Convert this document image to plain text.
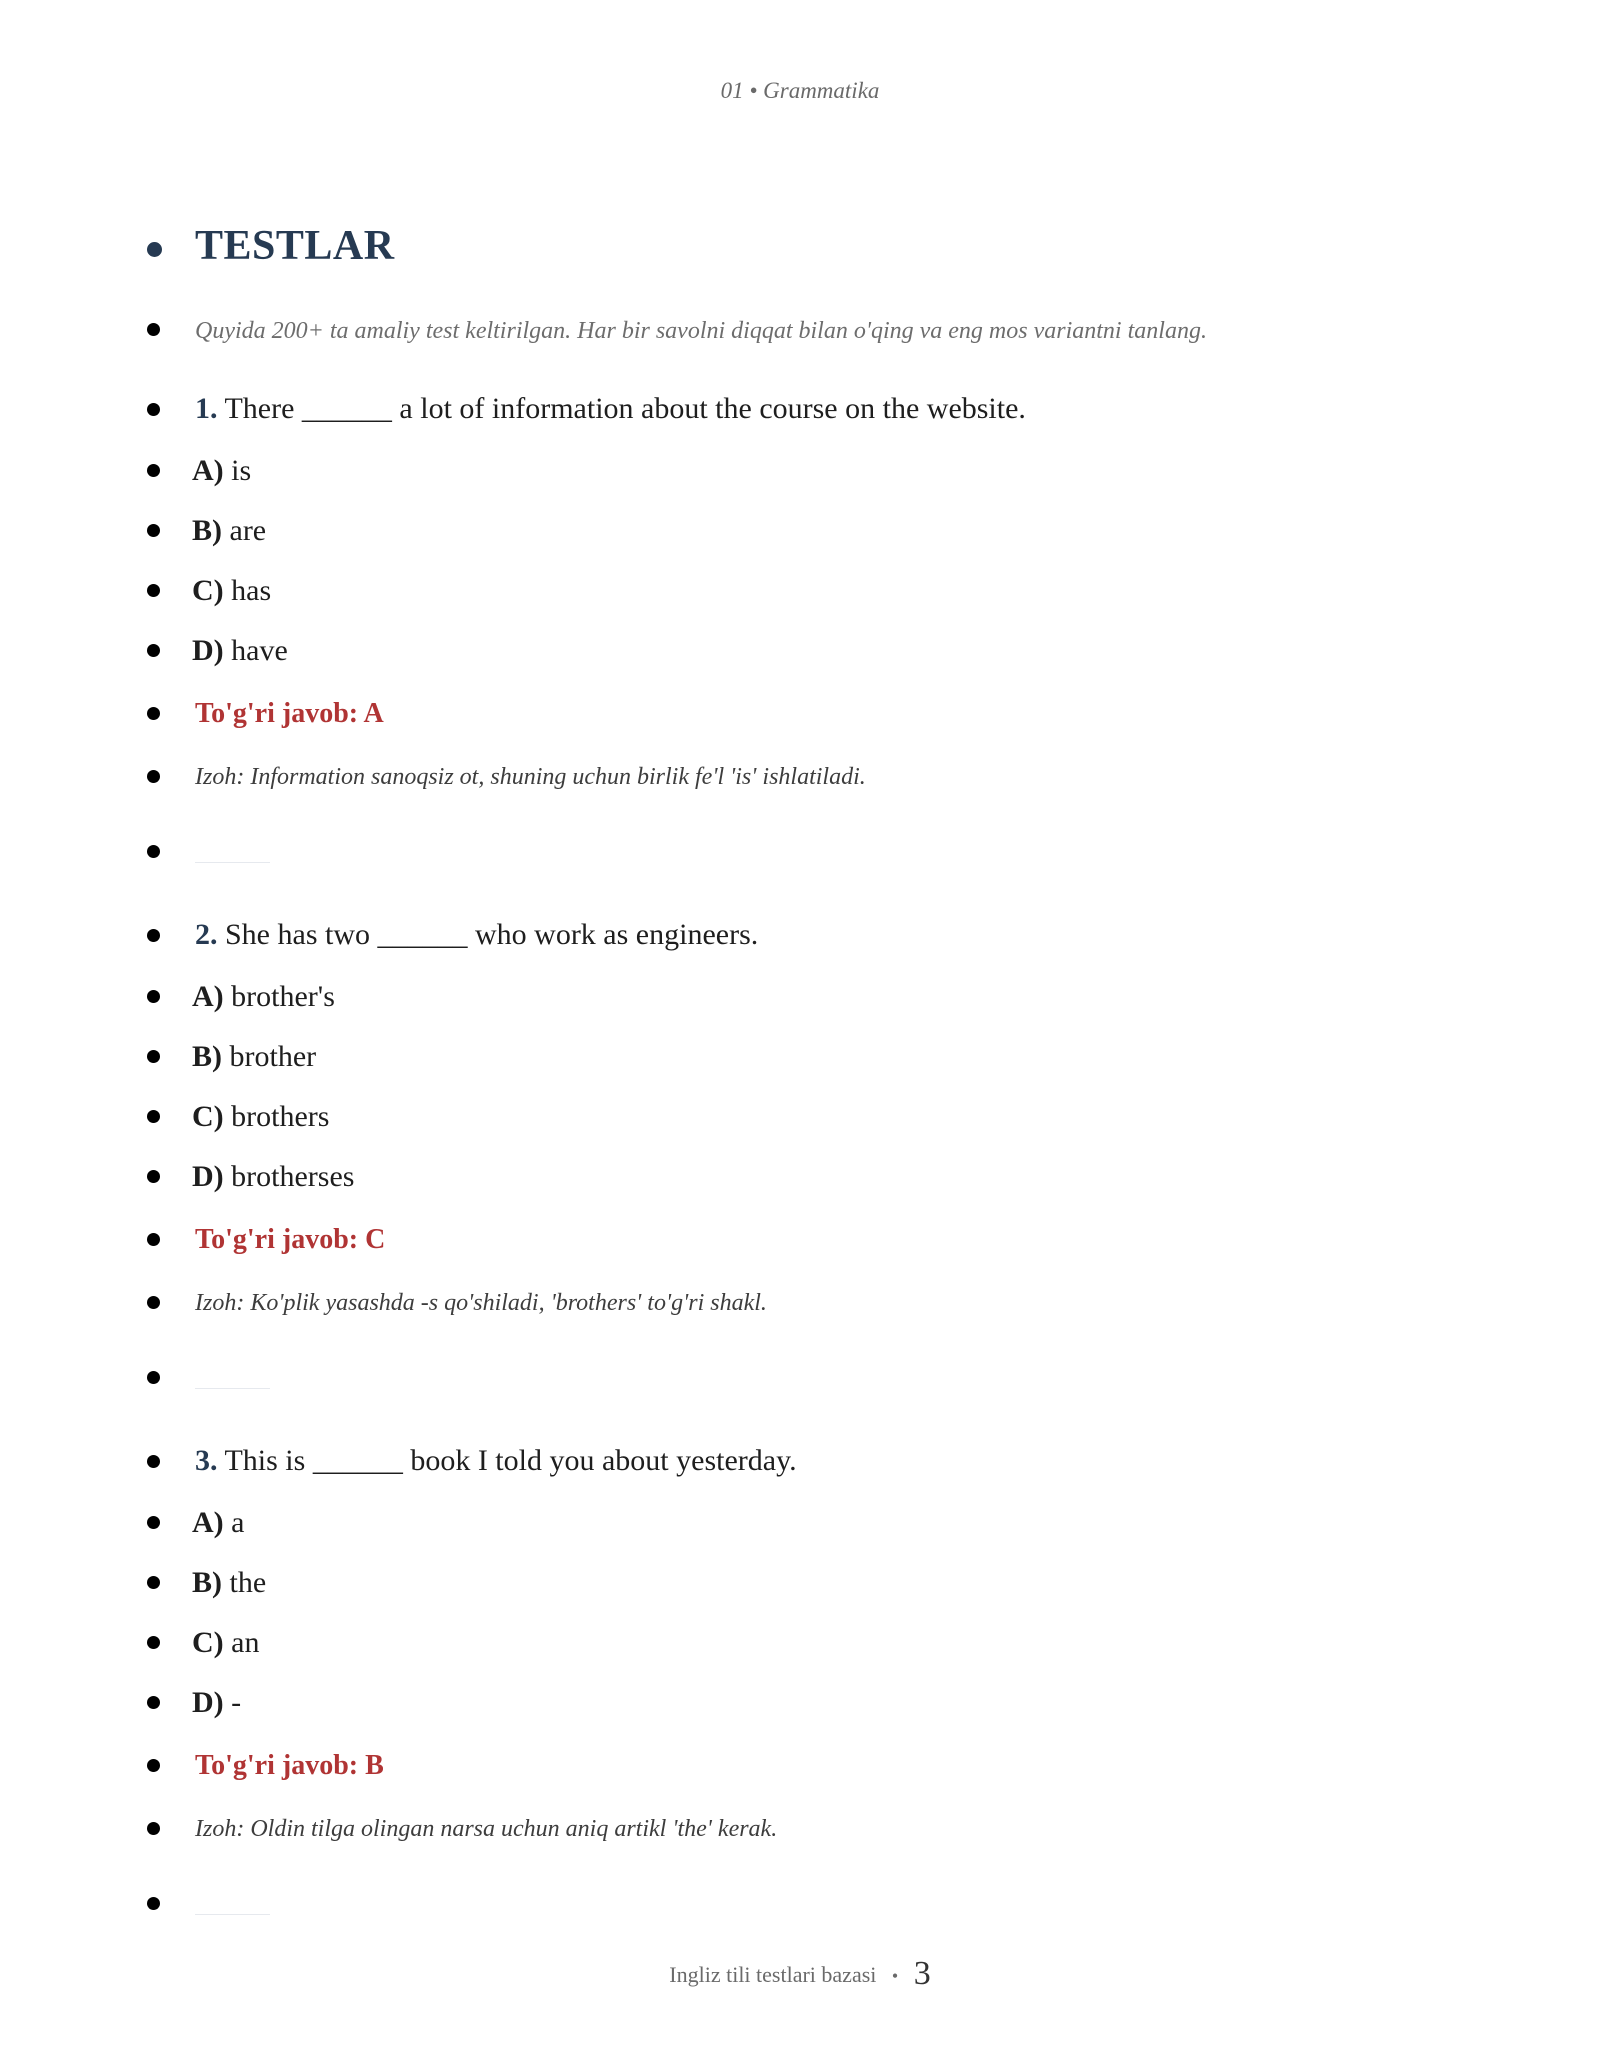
01 • Grammatika
TESTLAR
Quyida 200+ ta amaliy test keltirilgan. Har bir savolni diqqat bilan o'qing va eng mos variantni tanlang.
1. There ______ a lot of information about the course on the website.
A) is
B) are
C) has
D) have
To'g'ri javob: A
Izoh: Information sanoqsiz ot, shuning uchun birlik fe'l 'is' ishlatiladi.
2. She has two ______ who work as engineers.
A) brother's
B) brother
C) brothers
D) brotherses
To'g'ri javob: C
Izoh: Ko'plik yasashda -s qo'shiladi, 'brothers' to'g'ri shakl.
3. This is ______ book I told you about yesterday.
A) a
B) the
C) an
D) -
To'g'ri javob: B
Izoh: Oldin tilga olingan narsa uchun aniq artikl 'the' kerak.
Ingliz tili testlari bazasi • 3
